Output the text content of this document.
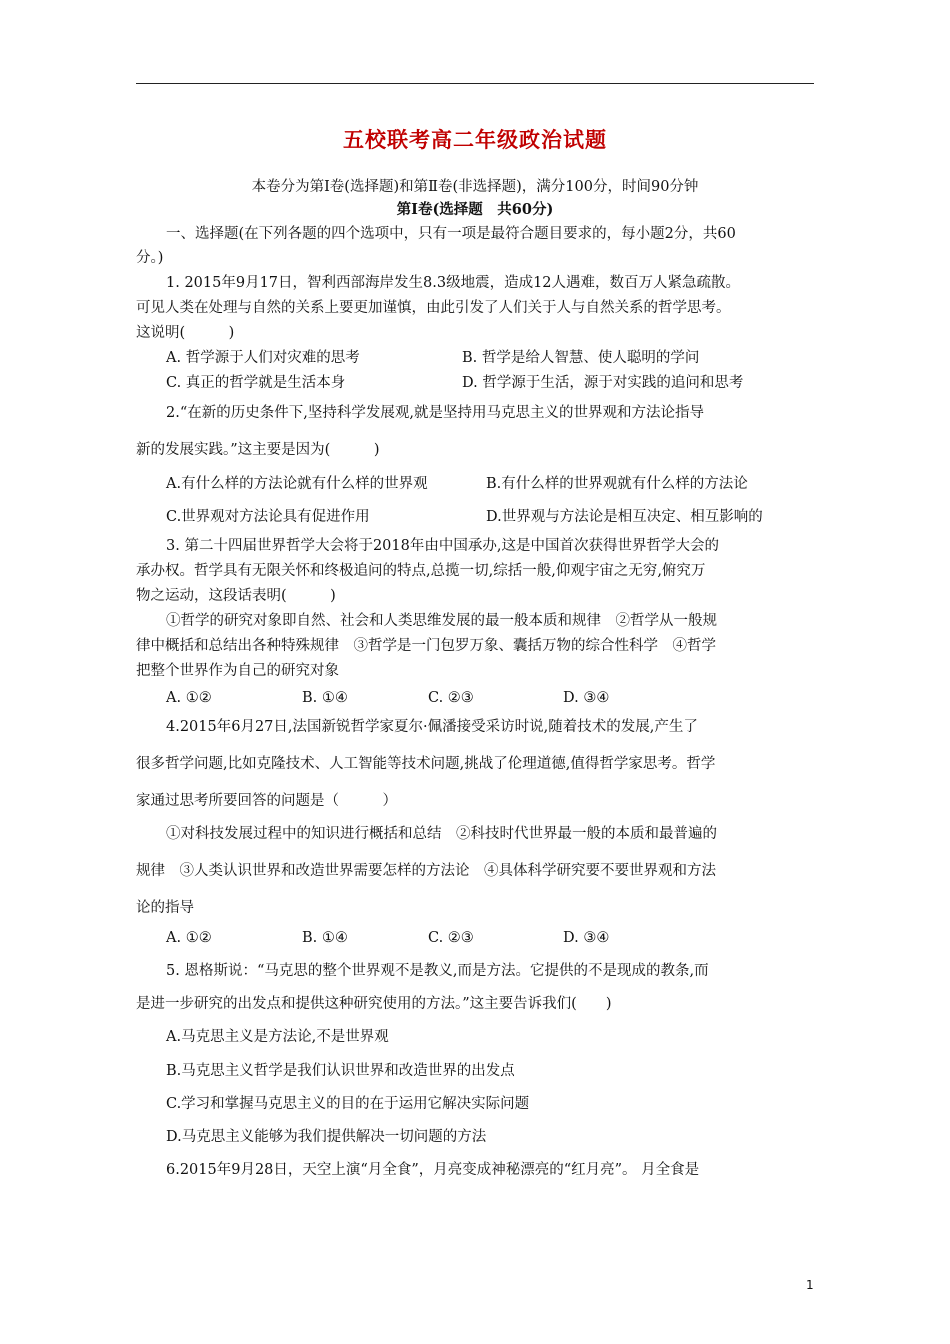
五校联考高二年级政治试题
本卷分为第Ⅰ卷(选择题)和第Ⅱ卷(非选择题)，满分100分，时间90分钟
第Ⅰ卷(选择题　共60分)
一、选择题(在下列各题的四个选项中，只有一项是最符合题目要求的，每小题2分，共60
分。)
1. 2015年9月17日，智利西部海岸发生8.3级地震，造成12人遇难，数百万人紧急疏散。
可见人类在处理与自然的关系上要更加谨慎，由此引发了人们关于人与自然关系的哲学思考。
这说明(　　　)
A. 哲学源于人们对灾难的思考	B. 哲学是给人智慧、使人聪明的学问
C. 真正的哲学就是生活本身	D. 哲学源于生活，源于对实践的追问和思考
2.“在新的历史条件下,坚持科学发展观,就是坚持用马克思主义的世界观和方法论指导
新的发展实践。”这主要是因为(　　　)
A.有什么样的方法论就有什么样的世界观	B.有什么样的世界观就有什么样的方法论
C.世界观对方法论具有促进作用	D.世界观与方法论是相互决定、相互影响的
3. 第二十四届世界哲学大会将于2018年由中国承办,这是中国首次获得世界哲学大会的
承办权。哲学具有无限关怀和终极追问的特点,总揽一切,综括一般,仰观宇宙之无穷,俯究万
物之运动，这段话表明(　　　)
①哲学的研究对象即自然、社会和人类思维发展的最一般本质和规律　②哲学从一般规
律中概括和总结出各种特殊规律　③哲学是一门包罗万象、囊括万物的综合性科学　④哲学
把整个世界作为自己的研究对象
A. ①②	B. ①④	C. ②③	D. ③④
4.2015年6月27日,法国新锐哲学家夏尔·佩潘接受采访时说,随着技术的发展,产生了
很多哲学问题,比如克隆技术、人工智能等技术问题,挑战了伦理道德,值得哲学家思考。哲学
家通过思考所要回答的问题是（　　　）
①对科技发展过程中的知识进行概括和总结　②科技时代世界最一般的本质和最普遍的
规律　③人类认识世界和改造世界需要怎样的方法论　④具体科学研究要不要世界观和方法
论的指导
A. ①②	B. ①④	C. ②③	D. ③④
5. 恩格斯说：“马克思的整个世界观不是教义,而是方法。它提供的不是现成的教条,而
是进一步研究的出发点和提供这种研究使用的方法。”这主要告诉我们(　　)
A.马克思主义是方法论,不是世界观
B.马克思主义哲学是我们认识世界和改造世界的出发点
C.学习和掌握马克思主义的目的在于运用它解决实际问题
D.马克思主义能够为我们提供解决一切问题的方法
6.2015年9月28日，天空上演“月全食”，月亮变成神秘漂亮的“红月亮”。 月全食是
1
